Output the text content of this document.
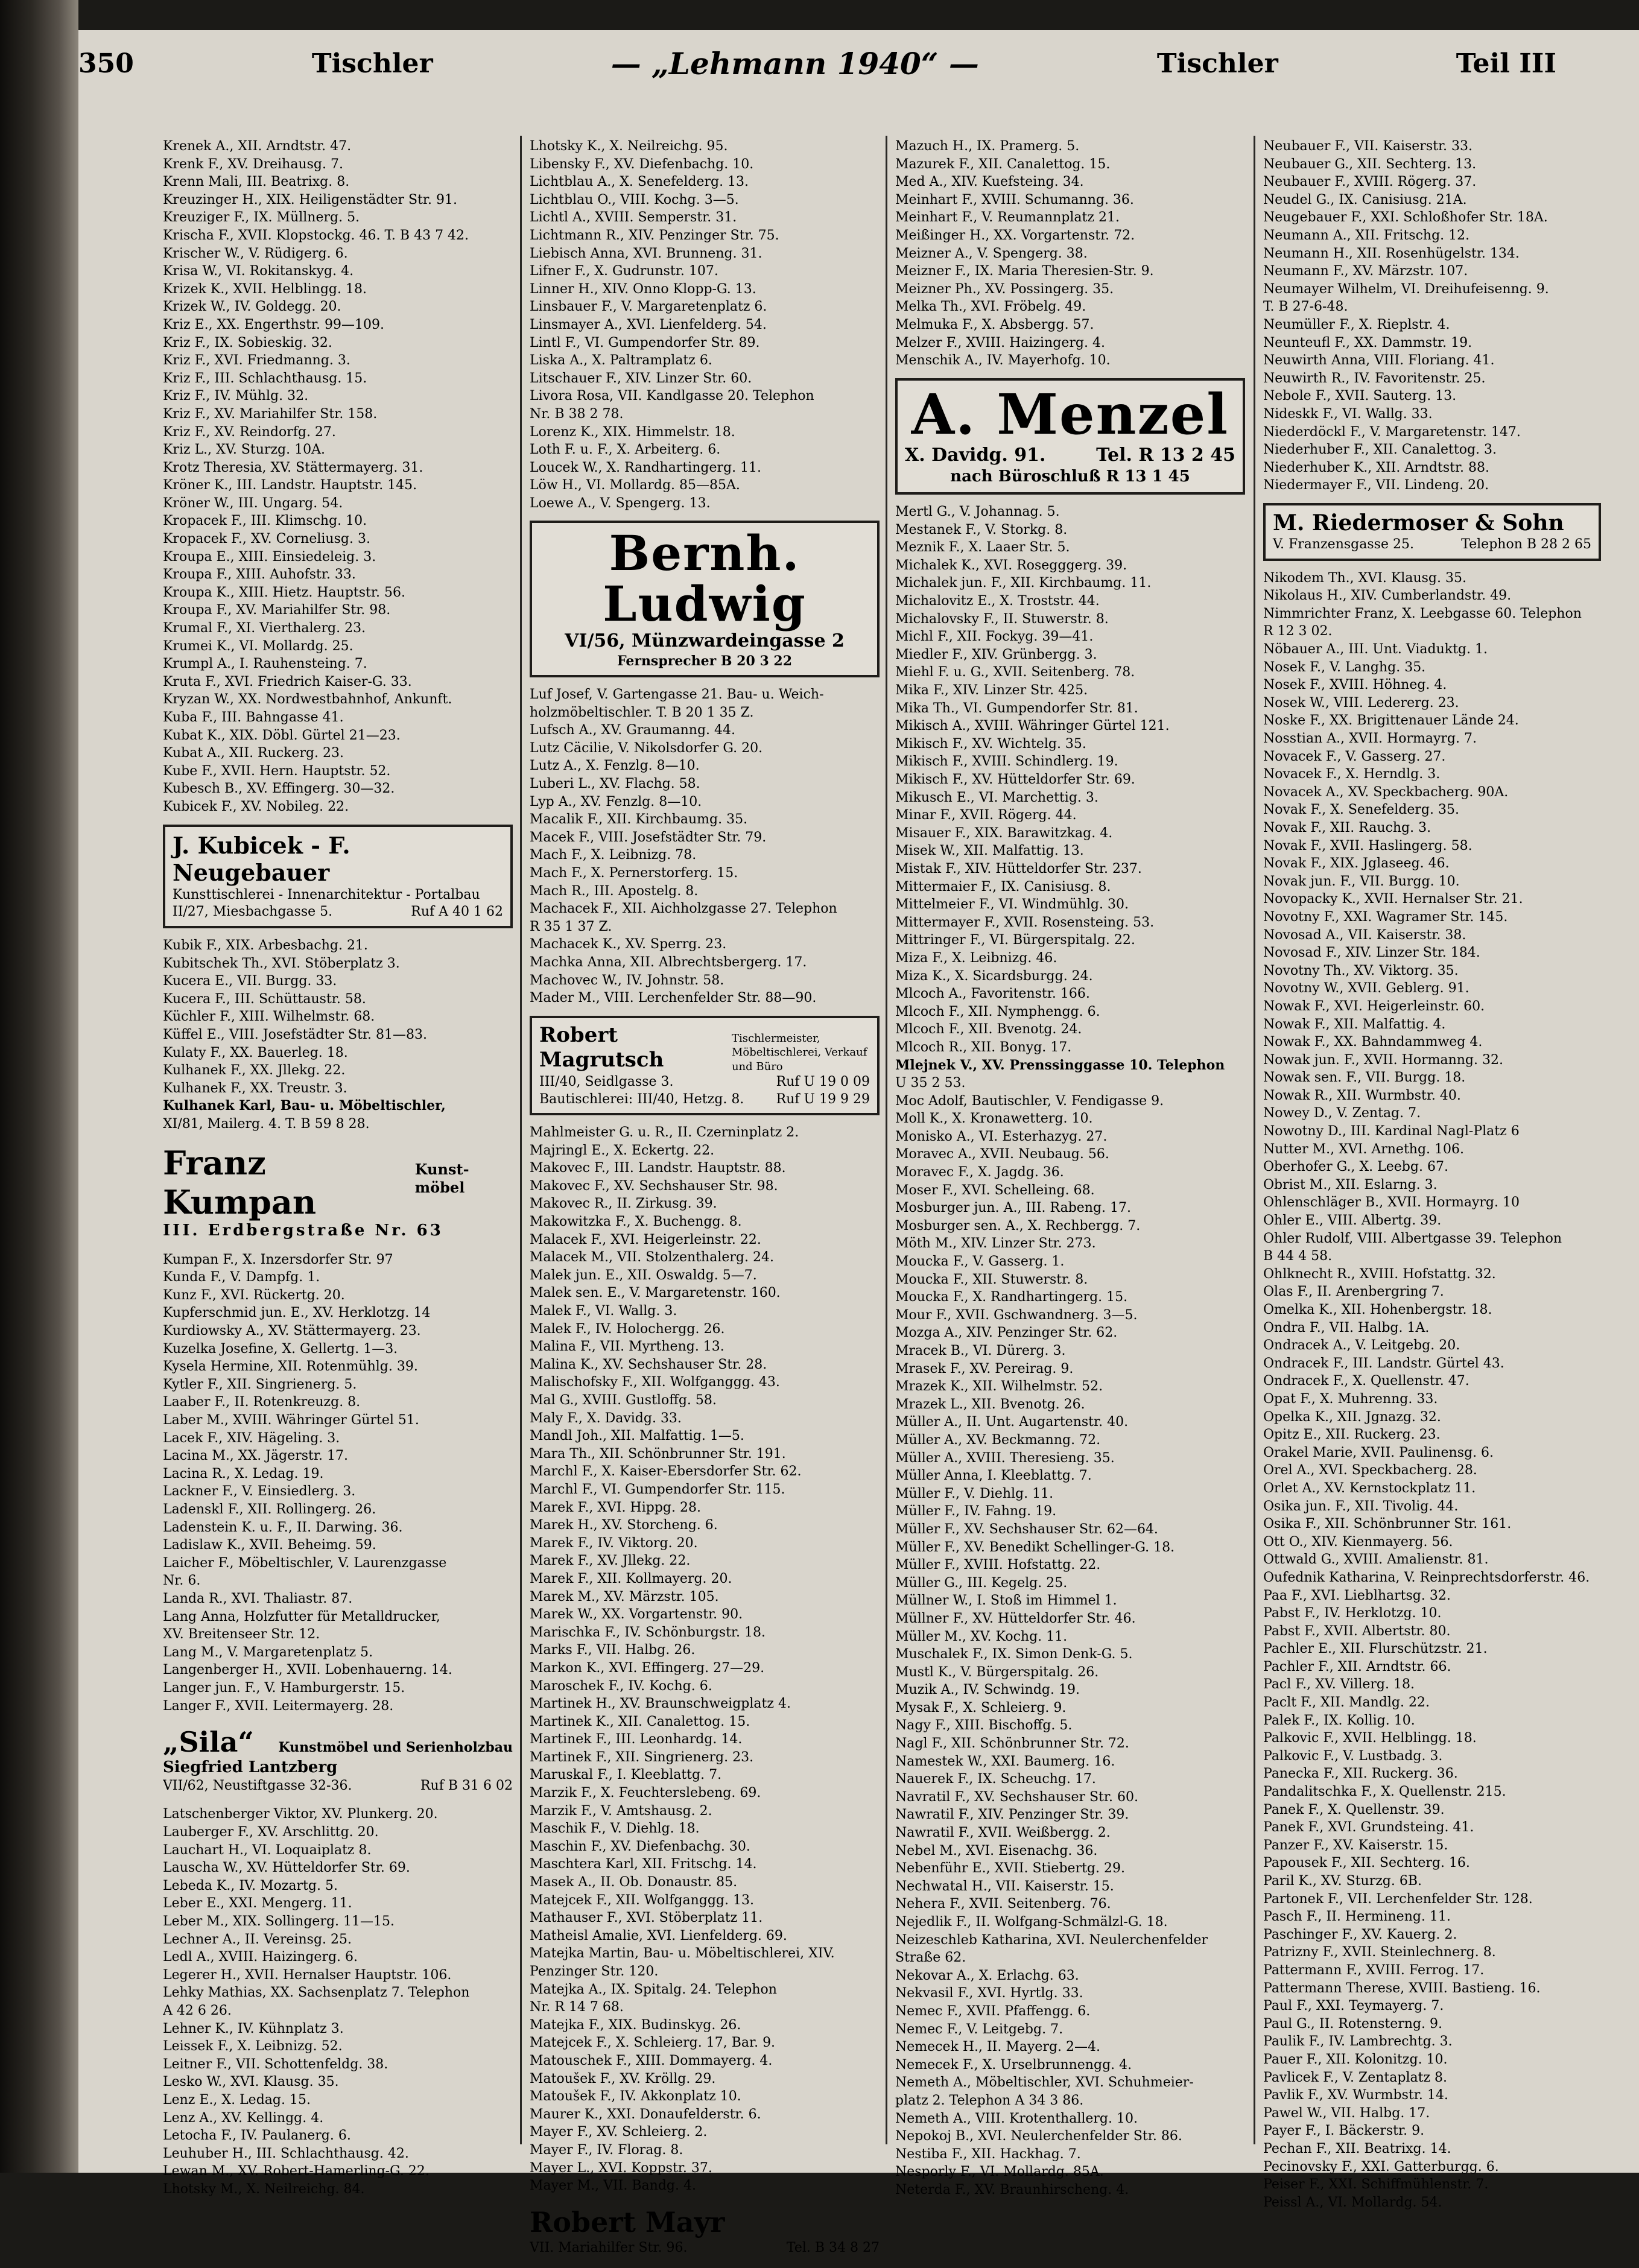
350	Tischler	— „Lehmann 1940“ —	Tischler	Teil III
Krenek A., XII. Arndtstr. 47.
Krenk F., XV. Dreihausg. 7.
Krenn Mali, III. Beatrixg. 8.
Kreuzinger H., XIX. Heiligenstädter Str. 91.
Kreuziger F., IX. Müllnerg. 5.
Krischa F., XVII. Klopstockg. 46. T. B 43 7 42.
Krischer W., V. Rüdigerg. 6.
Krisa W., VI. Rokitanskyg. 4.
Krizek K., XVII. Helblingg. 18.
Krizek W., IV. Goldegg. 20.
Kriz E., XX. Engerthstr. 99—109.
Kriz F., IX. Sobieskig. 32.
Kriz F., XVI. Friedmanng. 3.
Kriz F., III. Schlachthausg. 15.
Kriz F., IV. Mühlg. 32.
Kriz F., XV. Mariahilfer Str. 158.
Kriz F., XV. Reindorfg. 27.
Kriz L., XV. Sturzg. 10A.
Krotz Theresia, XV. Stättermayerg. 31.
Kröner K., III. Landstr. Hauptstr. 145.
Kröner W., III. Ungarg. 54.
Kropacek F., III. Klimschg. 10.
Kropacek F., XV. Corneliusg. 3.
Kroupa E., XIII. Einsiedeleig. 3.
Kroupa F., XIII. Auhofstr. 33.
Kroupa K., XIII. Hietz. Hauptstr. 56.
Kroupa F., XV. Mariahilfer Str. 98.
Krumal F., XI. Vierthalerg. 23.
Krumei K., VI. Mollardg. 25.
Krumpl A., I. Rauhensteing. 7.
Kruta F., XVI. Friedrich Kaiser-G. 33.
Kryzan W., XX. Nordwestbahnhof, Ankunft.
Kuba F., III. Bahngasse 41.
Kubat K., XIX. Döbl. Gürtel 21—23.
Kubat A., XII. Ruckerg. 23.
Kube F., XVII. Hern. Hauptstr. 52.
Kubesch B., XV. Effingerg. 30—32.
Kubicek F., XV. Nobileg. 22.
J. Kubicek - F. Neugebauer
Kunsttischlerei - Innenarchitektur - Portalbau
II/27, Miesbachgasse 5.	Ruf A 40 1 62
Kubik F., XIX. Arbesbachg. 21.
Kubitschek Th., XVI. Stöberplatz 3.
Kucera E., VII. Burgg. 33.
Kucera F., III. Schüttaustr. 58.
Küchler F., XIII. Wilhelmstr. 68.
Küffel E., VIII. Josefstädter Str. 81—83.
Kulaty F., XX. Bauerleg. 18.
Kulhanek F., XX. Jllekg. 22.
Kulhanek F., XX. Treustr. 3.
Kulhanek Karl, Bau- u. Möbeltischler,
XI/81, Mailerg. 4. T. B 59 8 28.
Franz Kumpan
Kunst-möbel
III. Erdbergstraße Nr. 63
Kumpan F., X. Inzersdorfer Str. 97
Kunda F., V. Dampfg. 1.
Kunz F., XVI. Rückertg. 20.
Kupferschmid jun. E., XV. Herklotzg. 14
Kurdiowsky A., XV. Stättermayerg. 23.
Kuzelka Josefine, X. Gellertg. 1—3.
Kysela Hermine, XII. Rotenmühlg. 39.
Kytler F., XII. Singrienerg. 5.
Laaber F., II. Rotenkreuzg. 8.
Laber M., XVIII. Währinger Gürtel 51.
Lacek F., XIV. Hägeling. 3.
Lacina M., XX. Jägerstr. 17.
Lacina R., X. Ledag. 19.
Lackner F., V. Einsiedlerg. 3.
Ladenskl F., XII. Rollingerg. 26.
Ladenstein K. u. F., II. Darwing. 36.
Ladislaw K., XVII. Beheimg. 59.
Laicher F., Möbeltischler, V. Laurenzgasse
Nr. 6.
Landa R., XVI. Thaliastr. 87.
Lang Anna, Holzfutter für Metalldrucker,
XV. Breitenseer Str. 12.
Lang M., V. Margaretenplatz 5.
Langenberger H., XVII. Lobenhauerng. 14.
Langer jun. F., V. Hamburgerstr. 15.
Langer F., XVII. Leitermayerg. 28.
„Sila“ Kunstmöbel und Serienholzbau
Siegfried Lantzberg
VII/62, Neustiftgasse 32-36.	Ruf B 31 6 02
Latschenberger Viktor, XV. Plunkerg. 20.
Lauberger F., XV. Arschlittg. 20.
Lauchart H., VI. Loquaiplatz 8.
Lauscha W., XV. Hütteldorfer Str. 69.
Lebeda K., IV. Mozartg. 5.
Leber E., XXI. Mengerg. 11.
Leber M., XIX. Sollingerg. 11—15.
Lechner A., II. Vereinsg. 25.
Ledl A., XVIII. Haizingerg. 6.
Legerer H., XVII. Hernalser Hauptstr. 106.
Lehky Mathias, XX. Sachsenplatz 7. Telephon
A 42 6 26.
Lehner K., IV. Kühnplatz 3.
Leissek F., X. Leibnizg. 52.
Leitner F., VII. Schottenfeldg. 38.
Lesko W., XVI. Klausg. 35.
Lenz E., X. Ledag. 15.
Lenz A., XV. Kellingg. 4.
Letocha F., IV. Paulanerg. 6.
Leuhuber H., III. Schlachthausg. 42.
Lewan M., XV. Robert-Hamerling-G. 22.
Lhotsky M., X. Neilreichg. 84.
Lhotsky K., X. Neilreichg. 95.
Libensky F., XV. Diefenbachg. 10.
Lichtblau A., X. Senefelderg. 13.
Lichtblau O., VIII. Kochg. 3—5.
Lichtl A., XVIII. Semperstr. 31.
Lichtmann R., XIV. Penzinger Str. 75.
Liebisch Anna, XVI. Brunneng. 31.
Lifner F., X. Gudrunstr. 107.
Linner H., XIV. Onno Klopp-G. 13.
Linsbauer F., V. Margaretenplatz 6.
Linsmayer A., XVI. Lienfelderg. 54.
Lintl F., VI. Gumpendorfer Str. 89.
Liska A., X. Paltramplatz 6.
Litschauer F., XIV. Linzer Str. 60.
Livora Rosa, VII. Kandlgasse 20. Telephon
Nr. B 38 2 78.
Lorenz K., XIX. Himmelstr. 18.
Loth F. u. F., X. Arbeiterg. 6.
Loucek W., X. Randhartingerg. 11.
Löw H., VI. Mollardg. 85—85A.
Loewe A., V. Spengerg. 13.
Bernh. Ludwig
VI/56, Münzwardeingasse 2
Fernsprecher B 20 3 22
Luf Josef, V. Gartengasse 21. Bau- u. Weich-
holzmöbeltischler. T. B 20 1 35 Z.
Lufsch A., XV. Graumanng. 44.
Lutz Cäcilie, V. Nikolsdorfer G. 20.
Lutz A., X. Fenzlg. 8—10.
Luberi L., XV. Flachg. 58.
Lyp A., XV. Fenzlg. 8—10.
Macalik F., XII. Kirchbaumg. 35.
Macek F., VIII. Josefstädter Str. 79.
Mach F., X. Leibnizg. 78.
Mach F., X. Pernerstorferg. 15.
Mach R., III. Apostelg. 8.
Machacek F., XII. Aichholzgasse 27. Telephon
R 35 1 37 Z.
Machacek K., XV. Sperrg. 23.
Machka Anna, XII. Albrechtsbergerg. 17.
Machovec W., IV. Johnstr. 58.
Mader M., VIII. Lerchenfelder Str. 88—90.
Robert Magrutsch
Tischlermeister, Möbeltischlerei, Verkauf und Büro
III/40, Seidlgasse 3.	Ruf U 19 0 09
Bautischlerei: III/40, Hetzg. 8. Ruf U 19 9 29
Mahlmeister G. u. R., II. Czerninplatz 2.
Majringl E., X. Eckertg. 22.
Makovec F., III. Landstr. Hauptstr. 88.
Makovec F., XV. Sechshauser Str. 98.
Makovec R., II. Zirkusg. 39.
Makowitzka F., X. Buchengg. 8.
Malacek F., XVI. Heigerleinstr. 22.
Malacek M., VII. Stolzenthalerg. 24.
Malek jun. E., XII. Oswaldg. 5—7.
Malek sen. E., V. Margaretenstr. 160.
Malek F., VI. Wallg. 3.
Malek F., IV. Holochergg. 26.
Malina F., VII. Myrtheng. 13.
Malina K., XV. Sechshauser Str. 28.
Malischofsky F., XII. Wolfganggg. 43.
Mal G., XVIII. Gustloffg. 58.
Maly F., X. Davidg. 33.
Mandl Joh., XII. Malfattig. 1—5.
Mara Th., XII. Schönbrunner Str. 191.
Marchl F., X. Kaiser-Ebersdorfer Str. 62.
Marchl F., VI. Gumpendorfer Str. 115.
Marek F., XVI. Hippg. 28.
Marek H., XV. Storcheng. 6.
Marek F., IV. Viktorg. 20.
Marek F., XV. Jllekg. 22.
Marek F., XII. Kollmayerg. 20.
Marek M., XV. Märzstr. 105.
Marek W., XX. Vorgartenstr. 90.
Marischka F., IV. Schönburgstr. 18.
Marks F., VII. Halbg. 26.
Markon K., XVI. Effingerg. 27—29.
Maroschek F., IV. Kochg. 6.
Martinek H., XV. Braunschweigplatz 4.
Martinek K., XII. Canalettog. 15.
Martinek F., III. Leonhardg. 14.
Martinek F., XII. Singrienerg. 23.
Maruskal F., I. Kleeblattg. 7.
Marzik F., X. Feuchterslebeng. 69.
Marzik F., V. Amtshausg. 2.
Maschik F., V. Diehlg. 18.
Maschin F., XV. Diefenbachg. 30.
Maschtera Karl, XII. Fritschg. 14.
Masek A., II. Ob. Donaustr. 85.
Matejcek F., XII. Wolfganggg. 13.
Mathauser F., XVI. Stöberplatz 11.
Matheisl Amalie, XVI. Lienfelderg. 69.
Matejka Martin, Bau- u. Möbeltischlerei, XIV.
Penzinger Str. 120.
Matejka A., IX. Spitalg. 24. Telephon
Nr. R 14 7 68.
Matejka F., XIX. Budinskyg. 26.
Matejcek F., X. Schleierg. 17, Bar. 9.
Matouschek F., XIII. Dommayerg. 4.
Matoušek F., XV. Kröllg. 29.
Matoušek F., IV. Akkonplatz 10.
Maurer K., XXI. Donaufelderstr. 6.
Mayer F., XV. Schleierg. 2.
Mayer F., IV. Florag. 8.
Mayer L., XVI. Koppstr. 37.
Mayer M., VII. Bandg. 4.
Robert Mayr
VII. Mariahilfer Str. 96.	Tel. B 34 8 27
Mazuch H., IX. Pramerg. 5.
Mazurek F., XII. Canalettog. 15.
Med A., XIV. Kuefsteing. 34.
Meinhart F., XVIII. Schumanng. 36.
Meinhart F., V. Reumannplatz 21.
Meißinger H., XX. Vorgartenstr. 72.
Meizner A., V. Spengerg. 38.
Meizner F., IX. Maria Theresien-Str. 9.
Meizner Ph., XV. Possingerg. 35.
Melka Th., XVI. Fröbelg. 49.
Melmuka F., X. Absbergg. 57.
Melzer F., XVIII. Haizingerg. 4.
Menschik A., IV. Mayerhofg. 10.
A. Menzel
X. Davidg. 91.	Tel. R 13 2 45
nach Büroschluß R 13 1 45
Mertl G., V. Johannag. 5.
Mestanek F., V. Storkg. 8.
Meznik F., X. Laaer Str. 5.
Michalek K., XVI. Rosegggerg. 39.
Michalek jun. F., XII. Kirchbaumg. 11.
Michalovitz E., X. Troststr. 44.
Michalovsky F., II. Stuwerstr. 8.
Michl F., XII. Fockyg. 39—41.
Miedler F., XIV. Grünbergg. 3.
Miehl F. u. G., XVII. Seitenberg. 78.
Mika F., XIV. Linzer Str. 425.
Mika Th., VI. Gumpendorfer Str. 81.
Mikisch A., XVIII. Währinger Gürtel 121.
Mikisch F., XV. Wichtelg. 35.
Mikisch F., XVIII. Schindlerg. 19.
Mikisch F., XV. Hütteldorfer Str. 69.
Mikusch E., VI. Marchettig. 3.
Minar F., XVII. Rögerg. 44.
Misauer F., XIX. Barawitzkag. 4.
Misek W., XII. Malfattig. 13.
Mistak F., XIV. Hütteldorfer Str. 237.
Mittermaier F., IX. Canisiusg. 8.
Mittelmeier F., VI. Windmühlg. 30.
Mittermayer F., XVII. Rosensteing. 53.
Mittringer F., VI. Bürgerspitalg. 22.
Miza F., X. Leibnizg. 46.
Miza K., X. Sicardsburgg. 24.
Mlcoch A., Favoritenstr. 166.
Mlcoch F., XII. Nymphengg. 6.
Mlcoch F., XII. Bvenotg. 24.
Mlcoch R., XII. Bonyg. 17.
Mlejnek V., XV. Prenssinggasse 10. Telephon
U 35 2 53.
Moc Adolf, Bautischler, V. Fendigasse 9.
Moll K., X. Kronawetterg. 10.
Monisko A., VI. Esterhazyg. 27.
Moravec A., XVII. Neubaug. 56.
Moravec F., X. Jagdg. 36.
Moser F., XVI. Schelleing. 68.
Mosburger jun. A., III. Rabeng. 17.
Mosburger sen. A., X. Rechbergg. 7.
Möth M., XIV. Linzer Str. 273.
Moucka F., V. Gasserg. 1.
Moucka F., XII. Stuwerstr. 8.
Moucka F., X. Randhartingerg. 15.
Mour F., XVII. Gschwandnerg. 3—5.
Mozga A., XIV. Penzinger Str. 62.
Mracek B., VI. Dürerg. 3.
Mrasek F., XV. Pereirag. 9.
Mrazek K., XII. Wilhelmstr. 52.
Mrazek L., XII. Bvenotg. 26.
Müller A., II. Unt. Augartenstr. 40.
Müller A., XV. Beckmanng. 72.
Müller A., XVIII. Theresieng. 35.
Müller Anna, I. Kleeblattg. 7.
Müller F., V. Diehlg. 11.
Müller F., IV. Fahng. 19.
Müller F., XV. Sechshauser Str. 62—64.
Müller F., XV. Benedikt Schellinger-G. 18.
Müller F., XVIII. Hofstattg. 22.
Müller G., III. Kegelg. 25.
Müllner W., I. Stoß im Himmel 1.
Müllner F., XV. Hütteldorfer Str. 46.
Müller M., XV. Kochg. 11.
Muschalek F., IX. Simon Denk-G. 5.
Mustl K., V. Bürgerspitalg. 26.
Muzik A., IV. Schwindg. 19.
Mysak F., X. Schleierg. 9.
Nagy F., XIII. Bischoffg. 5.
Nagl F., XII. Schönbrunner Str. 72.
Namestek W., XXI. Baumerg. 16.
Nauerek F., IX. Scheuchg. 17.
Navratil F., XV. Sechshauser Str. 60.
Nawratil F., XIV. Penzinger Str. 39.
Nawratil F., XVII. Weißbergg. 2.
Nebel M., XVI. Eisenachg. 36.
Nebenführ E., XVII. Stiebertg. 29.
Nechwatal H., VII. Kaiserstr. 15.
Nehera F., XVII. Seitenberg. 76.
Nejedlik F., II. Wolfgang-Schmälzl-G. 18.
Neizeschleb Katharina, XVI. Neulerchenfelder
Straße 62.
Nekovar A., X. Erlachg. 63.
Nekvasil F., XVI. Hyrtlg. 33.
Nemec F., XVII. Pfaffengg. 6.
Nemec F., V. Leitgebg. 7.
Nemecek H., II. Mayerg. 2—4.
Nemecek F., X. Urselbrunnengg. 4.
Nemeth A., Möbeltischler, XVI. Schuhmeier-
platz 2. Telephon A 34 3 86.
Nemeth A., VIII. Krotenthallerg. 10.
Nepokoj B., XVI. Neulerchenfelder Str. 86.
Nestiba F., XII. Hackhag. 7.
Nesporly F., VI. Mollardg. 85A.
Neterda F., XV. Braunhirscheng. 4.
Neubauer F., VII. Kaiserstr. 33.
Neubauer G., XII. Sechterg. 13.
Neubauer F., XVIII. Rögerg. 37.
Neudel G., IX. Canisiusg. 21A.
Neugebauer F., XXI. Schloßhofer Str. 18A.
Neumann A., XII. Fritschg. 12.
Neumann H., XII. Rosenhügelstr. 134.
Neumann F., XV. Märzstr. 107.
Neumayer Wilhelm, VI. Dreihufeisenng. 9.
T. B 27-6-48.
Neumüller F., X. Rieplstr. 4.
Neunteufl F., XX. Dammstr. 19.
Neuwirth Anna, VIII. Floriang. 41.
Neuwirth R., IV. Favoritenstr. 25.
Nebole F., XVII. Sauterg. 13.
Nideskk F., VI. Wallg. 33.
Niederdöckl F., V. Margaretenstr. 147.
Niederhuber F., XII. Canalettog. 3.
Niederhuber K., XII. Arndtstr. 88.
Niedermayer F., VII. Lindeng. 20.
M. Riedermoser & Sohn
V. Franzensgasse 25.	Telephon B 28 2 65
Nikodem Th., XVI. Klausg. 35.
Nikolaus H., XIV. Cumberlandstr. 49.
Nimmrichter Franz, X. Leebgasse 60. Telephon
R 12 3 02.
Nöbauer A., III. Unt. Viaduktg. 1.
Nosek F., V. Langhg. 35.
Nosek F., XVIII. Höhneg. 4.
Nosek W., VIII. Ledererg. 23.
Noske F., XX. Brigittenauer Lände 24.
Nosstian A., XVII. Hormayrg. 7.
Novacek F., V. Gasserg. 27.
Novacek F., X. Herndlg. 3.
Novacek A., XV. Speckbacherg. 90A.
Novak F., X. Senefelderg. 35.
Novak F., XII. Rauchg. 3.
Novak F., XVII. Haslingerg. 58.
Novak F., XIX. Jglaseeg. 46.
Novak jun. F., VII. Burgg. 10.
Novopacky K., XVII. Hernalser Str. 21.
Novotny F., XXI. Wagramer Str. 145.
Novosad A., VII. Kaiserstr. 38.
Novosad F., XIV. Linzer Str. 184.
Novotny Th., XV. Viktorg. 35.
Novotny W., XVII. Geblerg. 91.
Nowak F., XVI. Heigerleinstr. 60.
Nowak F., XII. Malfattig. 4.
Nowak F., XX. Bahndammweg 4.
Nowak jun. F., XVII. Hormanng. 32.
Nowak sen. F., VII. Burgg. 18.
Nowak R., XII. Wurmbstr. 40.
Nowey D., V. Zentag. 7.
Nowotny D., III. Kardinal Nagl-Platz 6
Nutter M., XVI. Arnethg. 106.
Oberhofer G., X. Leebg. 67.
Obrist M., XII. Eslarng. 3.
Ohlenschläger B., XVII. Hormayrg. 10
Ohler E., VIII. Albertg. 39.
Ohler Rudolf, VIII. Albertgasse 39. Telephon
B 44 4 58.
Ohlknecht R., XVIII. Hofstattg. 32.
Olas F., II. Arenbergring 7.
Omelka K., XII. Hohenbergstr. 18.
Ondra F., VII. Halbg. 1A.
Ondracek A., V. Leitgebg. 20.
Ondracek F., III. Landstr. Gürtel 43.
Ondracek F., X. Quellenstr. 47.
Opat F., X. Muhrenng. 33.
Opelka K., XII. Jgnazg. 32.
Opitz E., XII. Ruckerg. 23.
Orakel Marie, XVII. Paulinensg. 6.
Orel A., XVI. Speckbacherg. 28.
Orlet A., XV. Kernstockplatz 11.
Osika jun. F., XII. Tivolig. 44.
Osika F., XII. Schönbrunner Str. 161.
Ott O., XIV. Kienmayerg. 56.
Ottwald G., XVIII. Amalienstr. 81.
Oufednik Katharina, V. Reinprechtsdorferstr. 46.
Paa F., XVI. Lieblhartsg. 32.
Pabst F., IV. Herklotzg. 10.
Pabst F., XVII. Albertstr. 80.
Pachler E., XII. Flurschützstr. 21.
Pachler F., XII. Arndtstr. 66.
Pacl F., XV. Villerg. 18.
Paclt F., XII. Mandlg. 22.
Palek F., IX. Kollig. 10.
Palkovic F., XVII. Helblingg. 18.
Palkovic F., V. Lustbadg. 3.
Panecka F., XII. Ruckerg. 36.
Pandalitschka F., X. Quellenstr. 215.
Panek F., X. Quellenstr. 39.
Panek F., XVI. Grundsteing. 41.
Panzer F., XV. Kaiserstr. 15.
Papousek F., XII. Sechterg. 16.
Paril K., XV. Sturzg. 6B.
Partonek F., VII. Lerchenfelder Str. 128.
Pasch F., II. Hermineng. 11.
Paschinger F., XV. Kauerg. 2.
Patrizny F., XVII. Steinlechnerg. 8.
Pattermann F., XVIII. Ferrog. 17.
Pattermann Therese, XVIII. Bastieng. 16.
Paul F., XXI. Teymayerg. 7.
Paul G., II. Rotensterng. 9.
Paulik F., IV. Lambrechtg. 3.
Pauer F., XII. Kolonitzg. 10.
Pavlicek F., V. Zentaplatz 8.
Pavlik F., XV. Wurmbstr. 14.
Pawel W., VII. Halbg. 17.
Payer F., I. Bäckerstr. 9.
Pechan F., XII. Beatrixg. 14.
Pecinovsky F., XXI. Gatterburgg. 6.
Peiser F., XXI. Schiffmühlenstr. 7.
Peissl A., VI. Mollardg. 54.
